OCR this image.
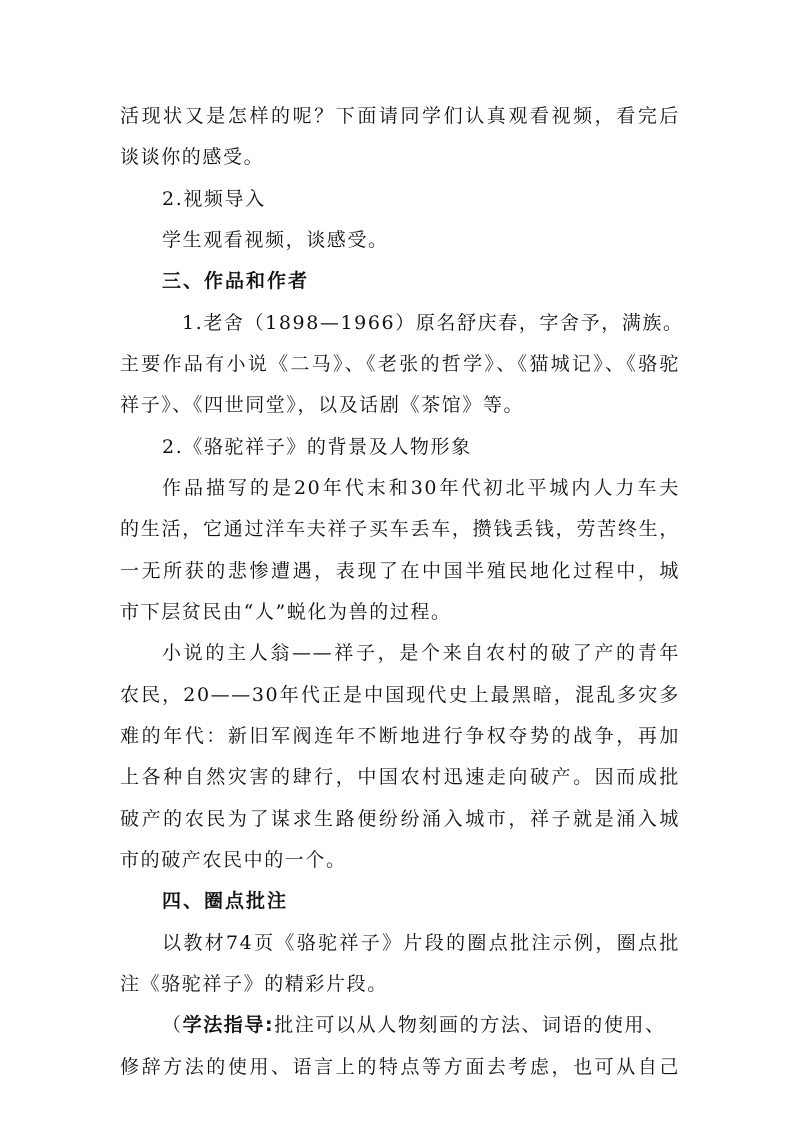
活现状又是怎样的呢？下面请同学们认真观看视频，看完后
谈谈你的感受。
2.视频导入
学生观看视频，谈感受。
三、作品和作者
1.老舍（1898—1966）原名舒庆春，字舍予，满族。
主要作品有小说《二马》、《老张的哲学》、《猫城记》、《骆驼
祥子》、《四世同堂》，以及话剧《茶馆》等。
2.《骆驼祥子》的背景及人物形象
作品描写的是20年代末和30年代初北平城内人力车夫
的生活，它通过洋车夫祥子买车丢车，攒钱丢钱，劳苦终生，
一无所获的悲惨遭遇，表现了在中国半殖民地化过程中，城
市下层贫民由“人”蜕化为兽的过程。
小说的主人翁——祥子，是个来自农村的破了产的青年
农民，20——30年代正是中国现代史上最黑暗，混乱多灾多
难的年代：新旧军阀连年不断地进行争权夺势的战争，再加
上各种自然灾害的肆行，中国农村迅速走向破产。因而成批
破产的农民为了谋求生路便纷纷涌入城市，祥子就是涌入城
市的破产农民中的一个。
四、圈点批注
以教材74页《骆驼祥子》片段的圈点批注示例，圈点批
注《骆驼祥子》的精彩片段。
（学法指导:批注可以从人物刻画的方法、词语的使用、
修辞方法的使用、语言上的特点等方面去考虑，也可从自己
